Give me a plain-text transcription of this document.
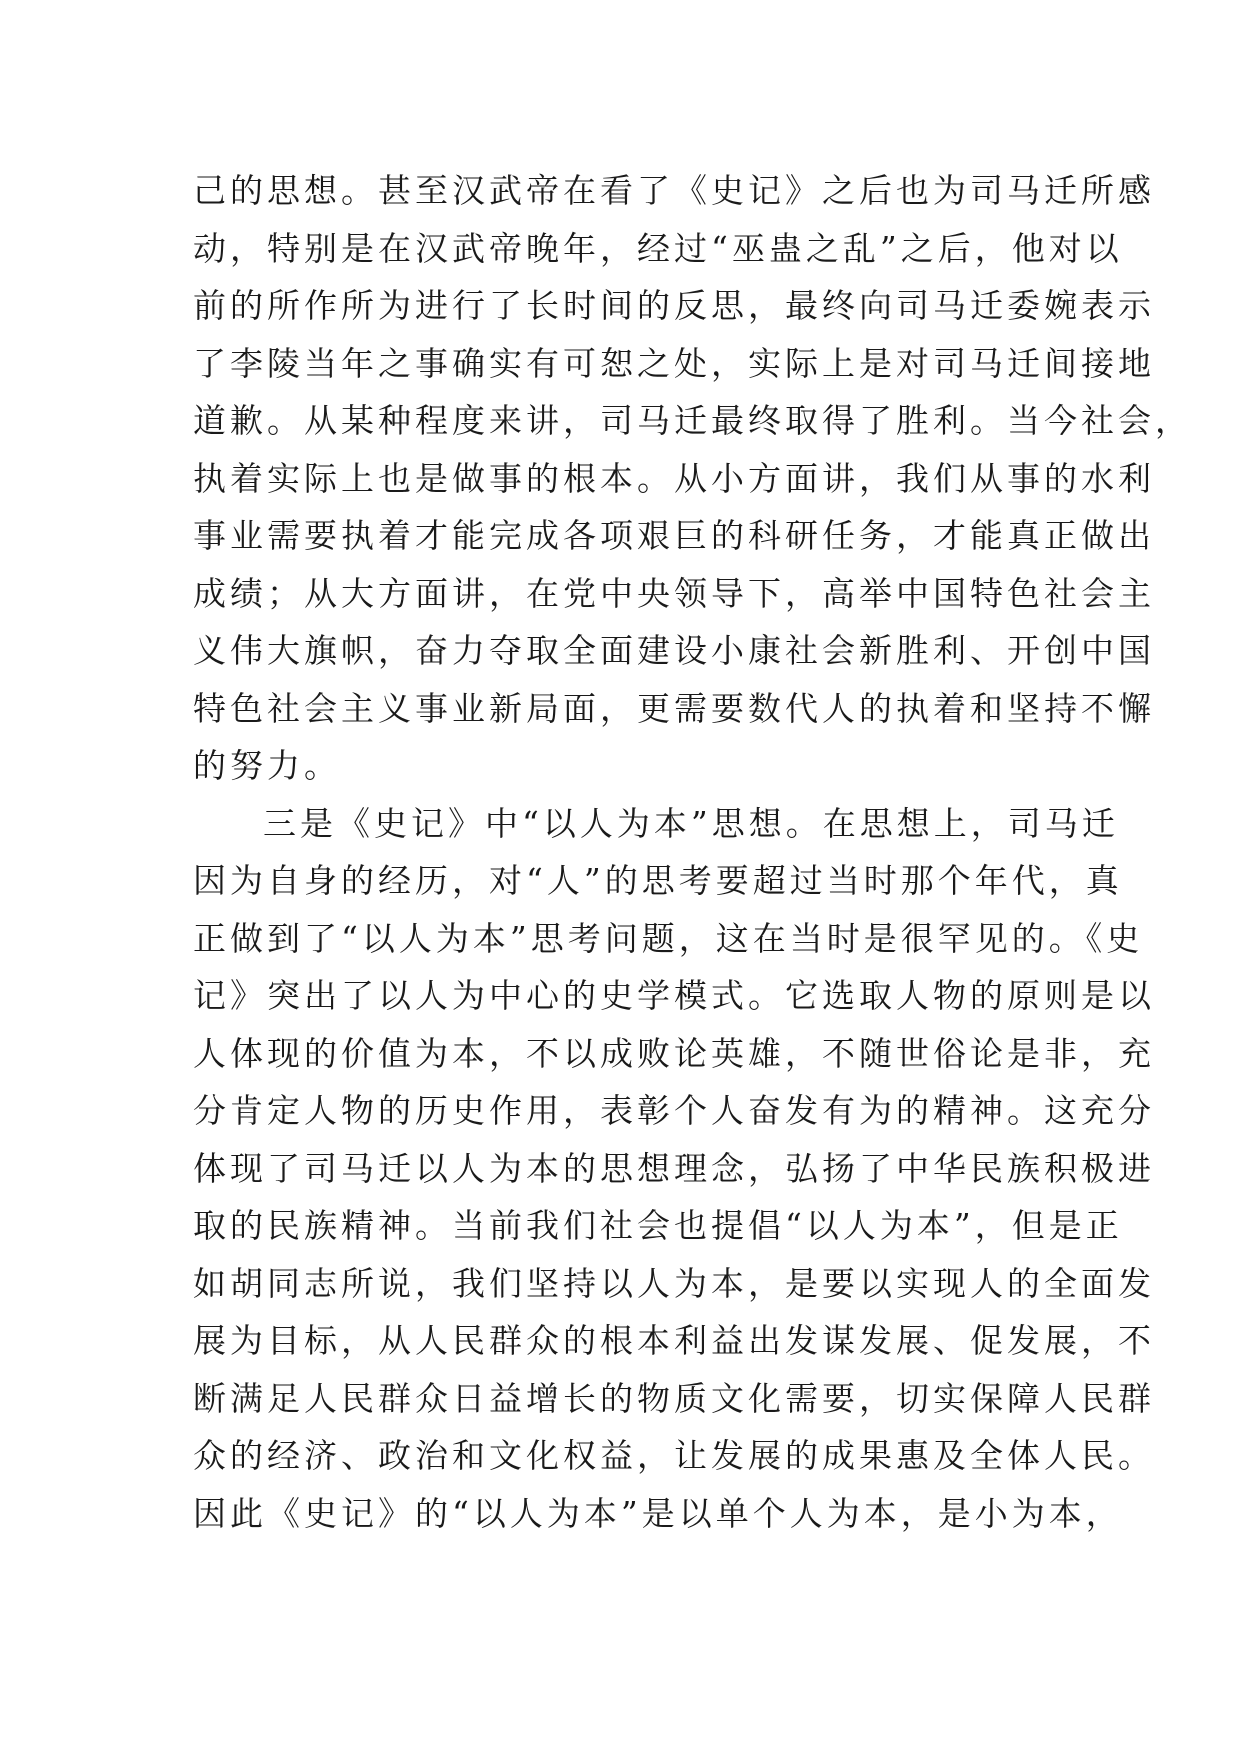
己的思想。甚至汉武帝在看了《史记》之后也为司马迁所感
动，特别是在汉武帝晚年，经过“巫蛊之乱”之后，他对以
前的所作所为进行了长时间的反思，最终向司马迁委婉表示
了李陵当年之事确实有可恕之处，实际上是对司马迁间接地
道歉。从某种程度来讲，司马迁最终取得了胜利。当今社会，
执着实际上也是做事的根本。从小方面讲，我们从事的水利
事业需要执着才能完成各项艰巨的科研任务，才能真正做出
成绩；从大方面讲，在党中央领导下，高举中国特色社会主
义伟大旗帜，奋力夺取全面建设小康社会新胜利、开创中国
特色社会主义事业新局面，更需要数代人的执着和坚持不懈
的努力。
三是《史记》中“以人为本”思想。在思想上，司马迁
因为自身的经历，对“人”的思考要超过当时那个年代，真
正做到了“以人为本”思考问题，这在当时是很罕见的。《史
记》突出了以人为中心的史学模式。它选取人物的原则是以
人体现的价值为本，不以成败论英雄，不随世俗论是非，充
分肯定人物的历史作用，表彰个人奋发有为的精神。这充分
体现了司马迁以人为本的思想理念，弘扬了中华民族积极进
取的民族精神。当前我们社会也提倡“以人为本”，但是正
如胡同志所说，我们坚持以人为本，是要以实现人的全面发
展为目标，从人民群众的根本利益出发谋发展、促发展，不
断满足人民群众日益增长的物质文化需要，切实保障人民群
众的经济、政治和文化权益，让发展的成果惠及全体人民。
因此《史记》的“以人为本”是以单个人为本，是小为本，
